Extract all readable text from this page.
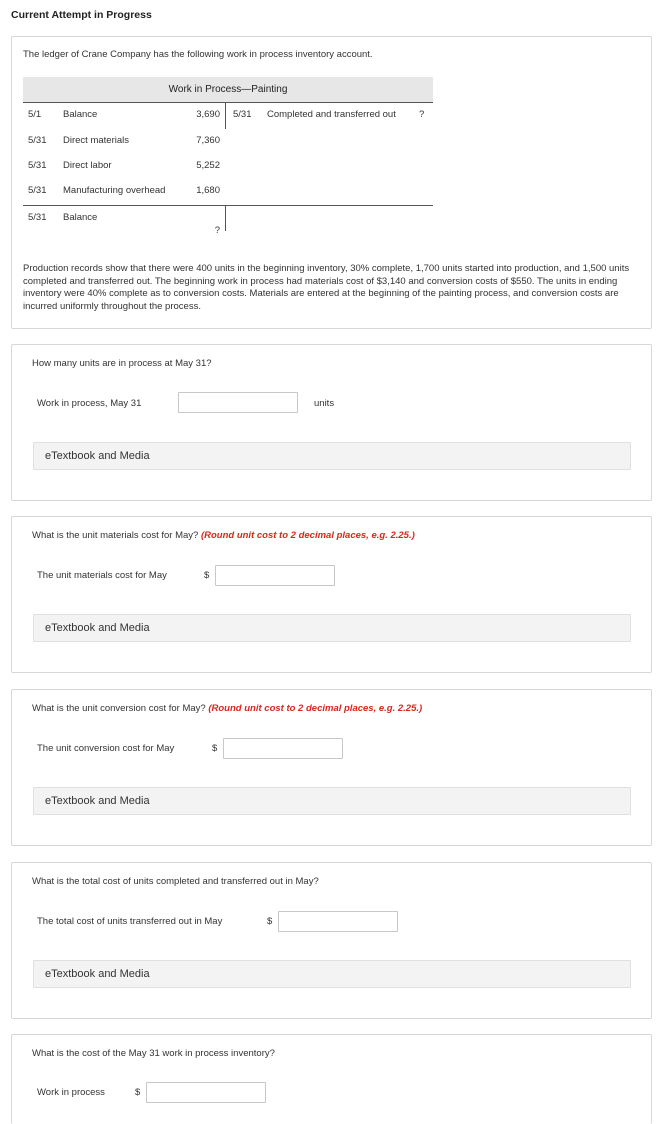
Current Attempt in Progress
The ledger of Crane Company has the following work in process inventory account.
Work in Process—Painting
5/1 Balance	3,690 5/31 Completed and transferred out ?
5/31 Direct materials	7,360
5/31 Direct labor	5,252
5/31 Manufacturing overhead	1,680
5/31 Balance
?
Production records show that there were 400 units in the beginning inventory, 30% complete, 1,700 units started into production, and 1,500 units completed and transferred out. The beginning work in process had materials cost of $3,140 and conversion costs of $550. The units in ending inventory were 40% complete as to conversion costs. Materials are entered at the beginning of the painting process, and conversion costs are incurred uniformly throughout the process.
How many units are in process at May 31?
Work in process, May 31	units
eTextbook and Media
What is the unit materials cost for May? (Round unit cost to 2 decimal places, e.g. 2.25.)
The unit materials cost for May	$
eTextbook and Media
What is the unit conversion cost for May? (Round unit cost to 2 decimal places, e.g. 2.25.)
The unit conversion cost for May	$
eTextbook and Media
What is the total cost of units completed and transferred out in May?
The total cost of units transferred out in May	$
eTextbook and Media
What is the cost of the May 31 work in process inventory?
Work in process	$
